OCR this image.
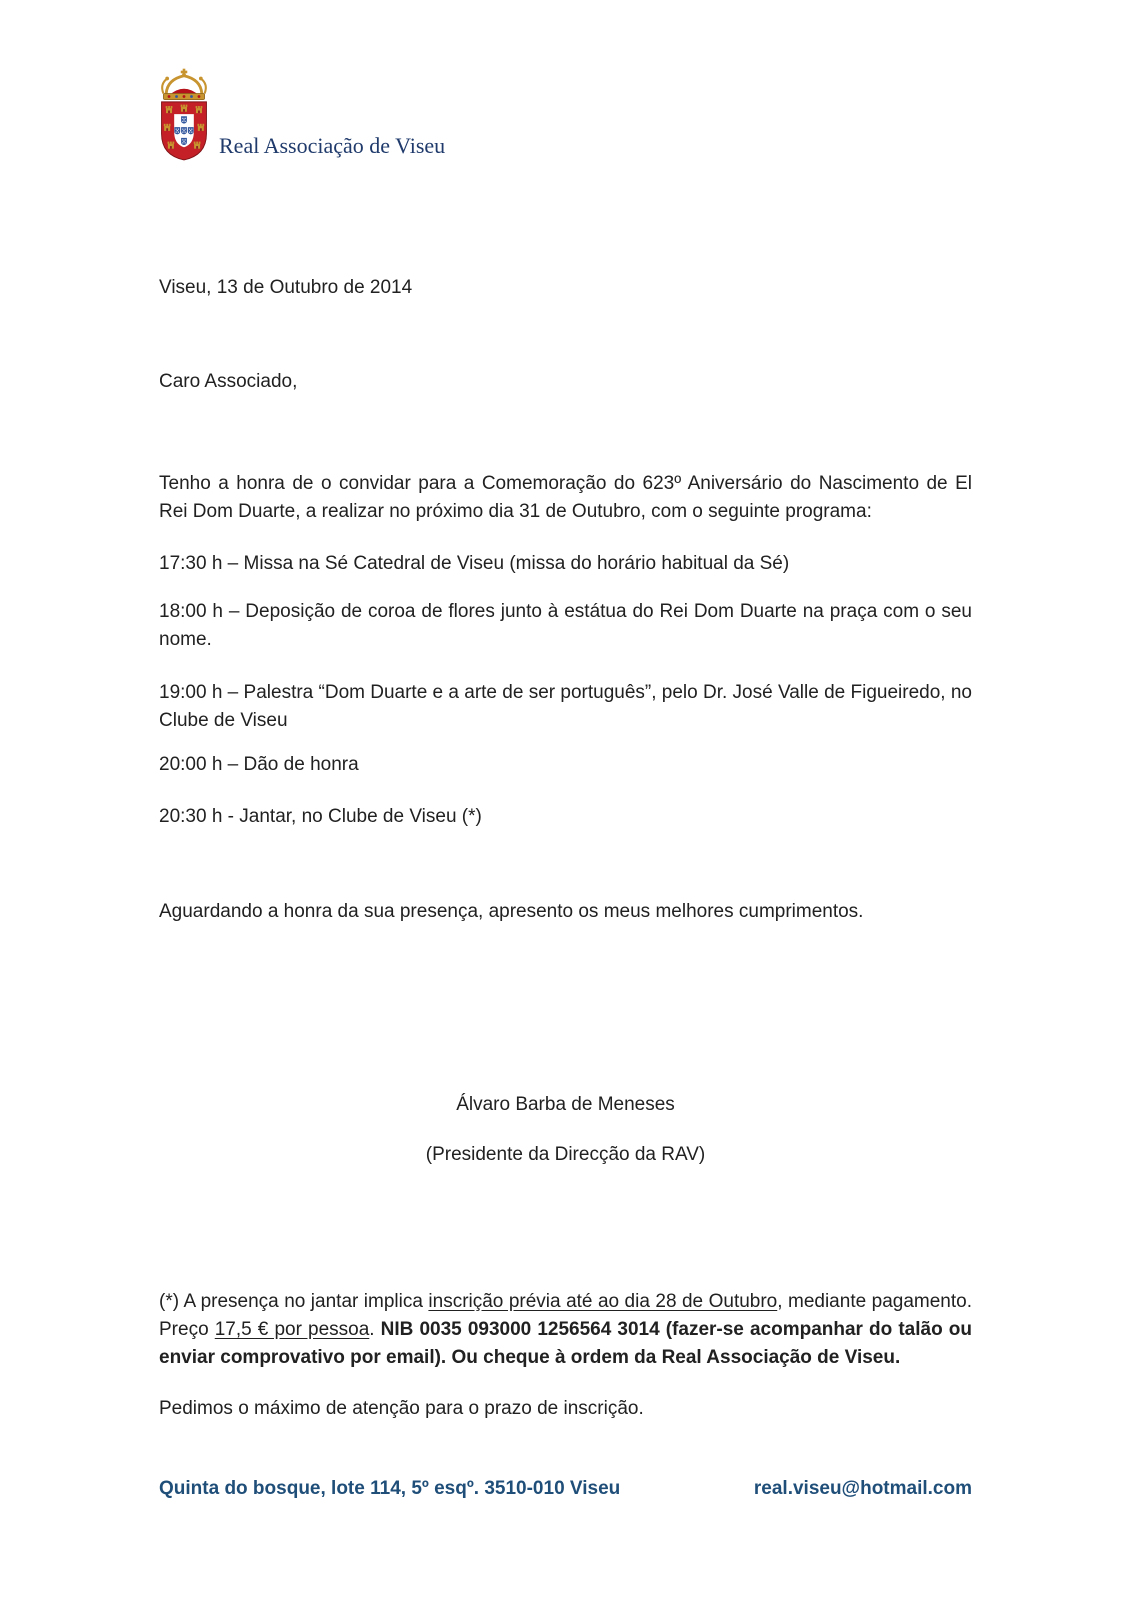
Real Associação de Viseu

Viseu, 13 de Outubro de 2014

Caro Associado,

Tenho a honra de o convidar para a Comemoração do 623º Aniversário do Nascimento de El Rei Dom Duarte, a realizar no próximo dia 31 de Outubro, com o seguinte programa:

17:30 h – Missa na Sé Catedral de Viseu (missa do horário habitual da Sé)

18:00 h – Deposição de coroa de flores junto à estátua do Rei Dom Duarte na praça com o seu nome.

19:00 h – Palestra “Dom Duarte e a arte de ser português”, pelo Dr. José Valle de Figueiredo, no Clube de Viseu

20:00 h – Dão de honra

20:30 h - Jantar, no Clube de Viseu (*)

Aguardando a honra da sua presença, apresento os meus melhores cumprimentos.

Álvaro Barba de Meneses

(Presidente da Direcção da RAV)

(*) A presença no jantar implica inscrição prévia até ao dia 28 de Outubro, mediante pagamento. Preço 17,5 € por pessoa. NIB 0035 093000 1256564 3014 (fazer-se acompanhar do talão ou enviar comprovativo por email). Ou cheque à ordem da Real Associação de Viseu.

Pedimos o máximo de atenção para o prazo de inscrição.

Quinta do bosque, lote 114, 5º esqº. 3510-010 Viseu	real.viseu@hotmail.com
